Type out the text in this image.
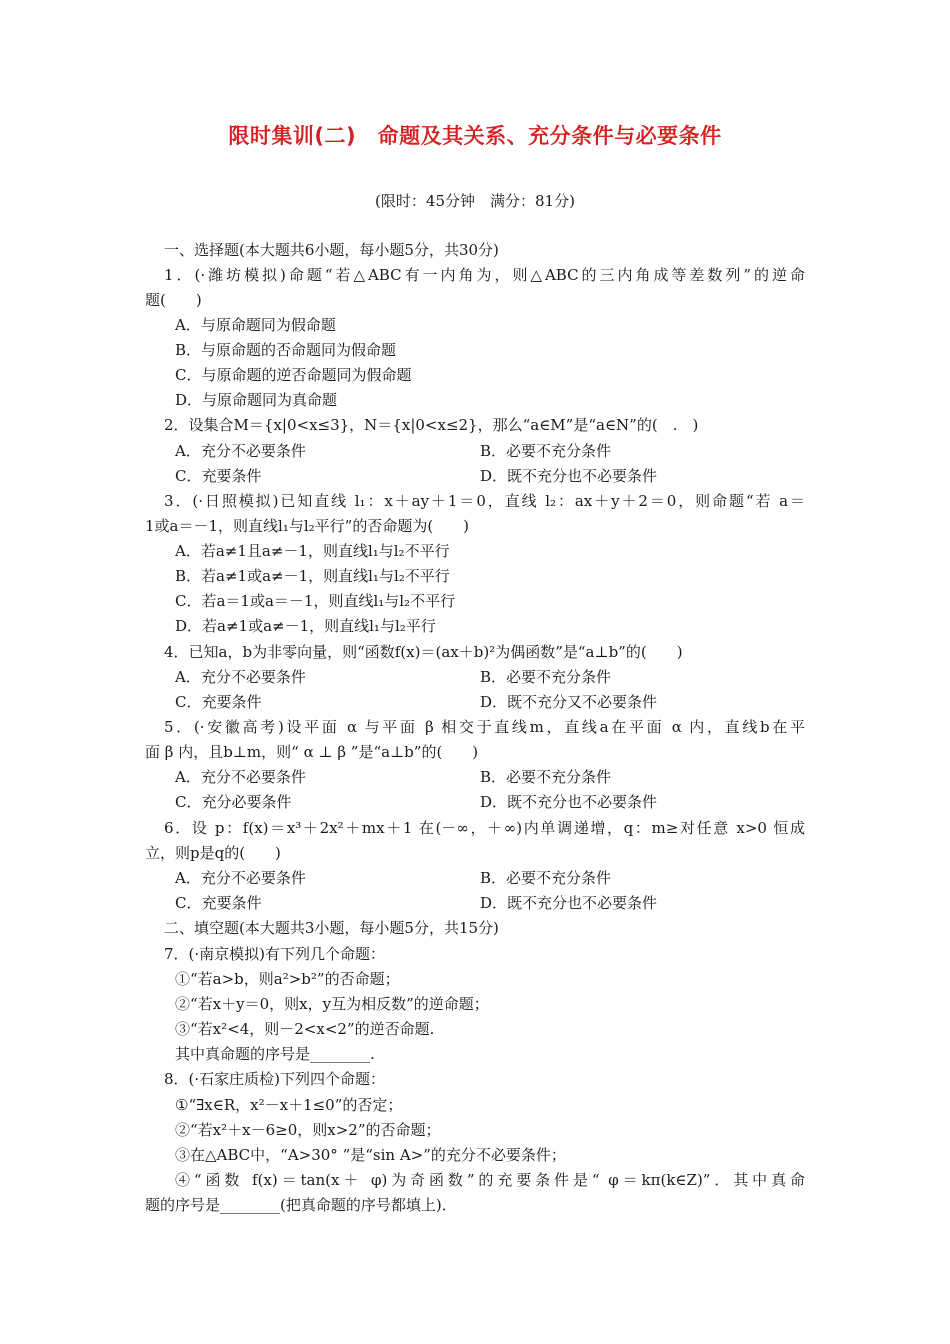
限时集训(二)　命题及其关系、充分条件与必要条件
(限时：45分钟　满分：81分)
一、选择题(本大题共6小题，每小题5分，共30分)
1．(·潍坊模拟)命题“若△ABC有一内角为，则△ABC的三内角成等差数列”的逆命
题(　　)
A．与原命题同为假命题
B．与原命题的否命题同为假命题
C．与原命题的逆否命题同为假命题
D．与原命题同为真命题
2．设集合M＝{x|0<x≤3}，N＝{x|0<x≤2}，那么“a∈M”是“a∈N”的(　.　)
A．充分不必要条件	B．必要不充分条件
C．充要条件	D．既不充分也不必要条件
3．(·日照模拟)已知直线 l₁：x＋ay＋1＝0，直线 l₂：ax＋y＋2＝0，则命题“若 a＝
1或a＝－1，则直线l₁与l₂平行”的否命题为(　　)
A．若a≠1且a≠－1，则直线l₁与l₂不平行
B．若a≠1或a≠－1，则直线l₁与l₂不平行
C．若a＝1或a＝－1，则直线l₁与l₂不平行
D．若a≠1或a≠－1，则直线l₁与l₂平行
4．已知a，b为非零向量，则“函数f(x)＝(ax＋b)²为偶函数”是“a⊥b”的(　　)
A．充分不必要条件	B．必要不充分条件
C．充要条件	D．既不充分又不必要条件
5．(·安徽高考)设平面 α 与平面 β 相交于直线m，直线a在平面 α 内，直线b在平
面 β 内，且b⊥m，则“ α ⊥ β ”是“a⊥b”的(　　)
A．充分不必要条件	B．必要不充分条件
C．充分必要条件	D．既不充分也不必要条件
6．设 p：f(x)＝x³＋2x²＋mx＋1 在(－∞，＋∞)内单调递增，q：m≥对任意 x>0 恒成
立，则p是q的(　　)
A．充分不必要条件	B．必要不充分条件
C．充要条件	D．既不充分也不必要条件
二、填空题(本大题共3小题，每小题5分，共15分)
7．(·南京模拟)有下列几个命题：
①“若a>b，则a²>b²”的否命题；
②“若x＋y＝0，则x，y互为相反数”的逆命题；
③“若x²<4，则－2<x<2”的逆否命题.
其中真命题的序号是________.
8．(·石家庄质检)下列四个命题：
①“∃x∈R，x²－x＋1≤0”的否定；
②“若x²＋x－6≥0，则x>2”的否命题；
③在△ABC中，“A>30° ”是“sin A>”的充分不必要条件；
④“函数 f(x)＝tan(x＋ φ)为奇函数”的充要条件是“ φ＝kπ(k∈Z)”．其中真命
题的序号是________(把真命题的序号都填上)．
